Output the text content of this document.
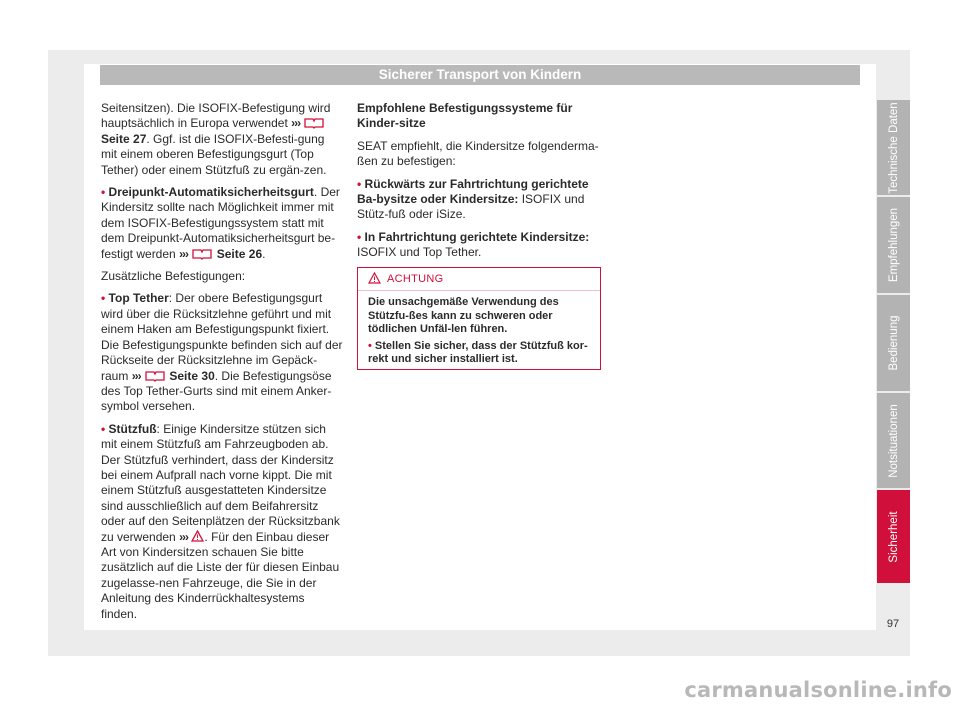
Sicherer Transport von Kindern

Seitensitzen). Die ISOFIX-Befestigung wird hauptsächlich in Europa verwendet ›››  Seite 27. Ggf. ist die ISOFIX-Befesti-gung mit einem oberen Befestigungsgurt (Top Tether) oder einem Stützfuß zu ergän-zen.

• Dreipunkt-Automatiksicherheitsgurt. Der Kindersitz sollte nach Möglichkeit immer mit dem ISOFIX-Befestigungssystem statt mit dem Dreipunkt-Automatiksicherheitsgurt be-festigt werden ››› Seite 26.

Zusätzliche Befestigungen:

• Top Tether: Der obere Befestigungsgurt wird über die Rücksitzlehne geführt und mit einem Haken am Befestigungspunkt fixiert. Die Befestigungspunkte befinden sich auf der Rückseite der Rücksitzlehne im Gepäck-raum ››› Seite 30. Die Befestigungsöse des Top Tether-Gurts sind mit einem Anker-symbol versehen.

• Stützfuß: Einige Kindersitze stützen sich mit einem Stützfuß am Fahrzeugboden ab. Der Stützfuß verhindert, dass der Kindersitz bei einem Aufprall nach vorne kippt. Die mit einem Stützfuß ausgestatteten Kindersitze sind ausschließlich auf dem Beifahrersitz oder auf den Seitenplätzen der Rücksitzbank zu verwenden ››› . Für den Einbau dieser Art von Kindersitzen schauen Sie bitte zusätzlich auf die Liste der für diesen Einbau zugelasse-nen Fahrzeuge, die Sie in der Anleitung des Kinderrückhaltesystems finden.

Empfohlene Befestigungssysteme für Kinder-sitze

SEAT empfiehlt, die Kindersitze folgenderma-ßen zu befestigen:

• Rückwärts zur Fahrtrichtung gerichtete Ba-bysitze oder Kindersitze: ISOFIX und Stütz-fuß oder iSize.

• In Fahrtrichtung gerichtete Kindersitze: ISOFIX und Top Tether.

ACHTUNG

Die unsachgemäße Verwendung des Stützfu-ßes kann zu schweren oder tödlichen Unfäl-len führen.

• Stellen Sie sicher, dass der Stützfuß kor-rekt und sicher installiert ist.

Technische Daten
Empfehlungen
Bedienung
Notsituationen
Sicherheit
97
carmanualsonline.info
